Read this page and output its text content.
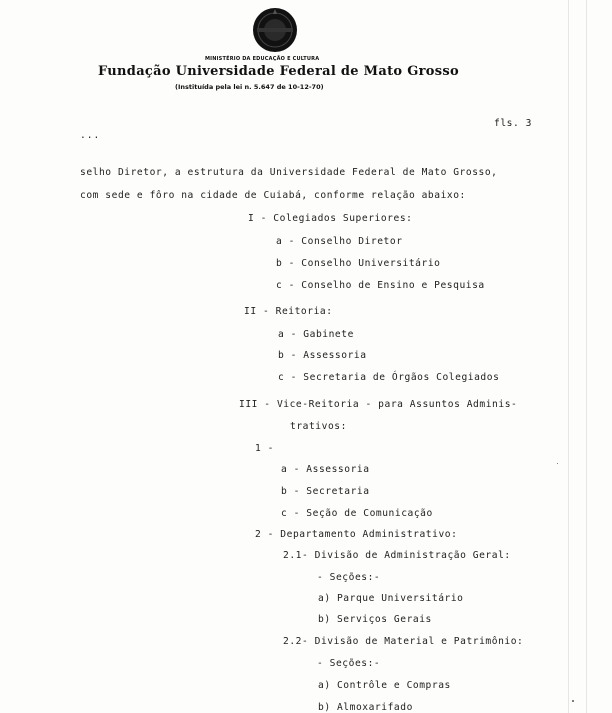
MINISTÉRIO DA EDUCAÇÃO E CULTURA
Fundação Universidade Federal de Mato Grosso
(Instituída pela lei n. 5.647 de 10-12-70)
fls. 3
...
selho Diretor, a estrutura da Universidade Federal de Mato Grosso,
com sede e fôro na cidade de Cuiabá, conforme relação abaixo:
I - Colegiados Superiores:
a - Conselho Diretor
b - Conselho Universitário
c - Conselho de Ensino e Pesquisa
II - Reitoria:
a - Gabinete
b - Assessoria
c - Secretaria de Órgãos Colegiados
III - Vice-Reitoria - para Assuntos Adminis-
trativos:
1 -
a - Assessoria
b - Secretaria
c - Seção de Comunicação
2 - Departamento Administrativo:
2.1- Divisão de Administração Geral:
- Seções:-
a) Parque Universitário
b) Serviços Gerais
2.2- Divisão de Material e Patrimônio:
- Seções:-
a) Contrôle e Compras
b) Almoxarifado
